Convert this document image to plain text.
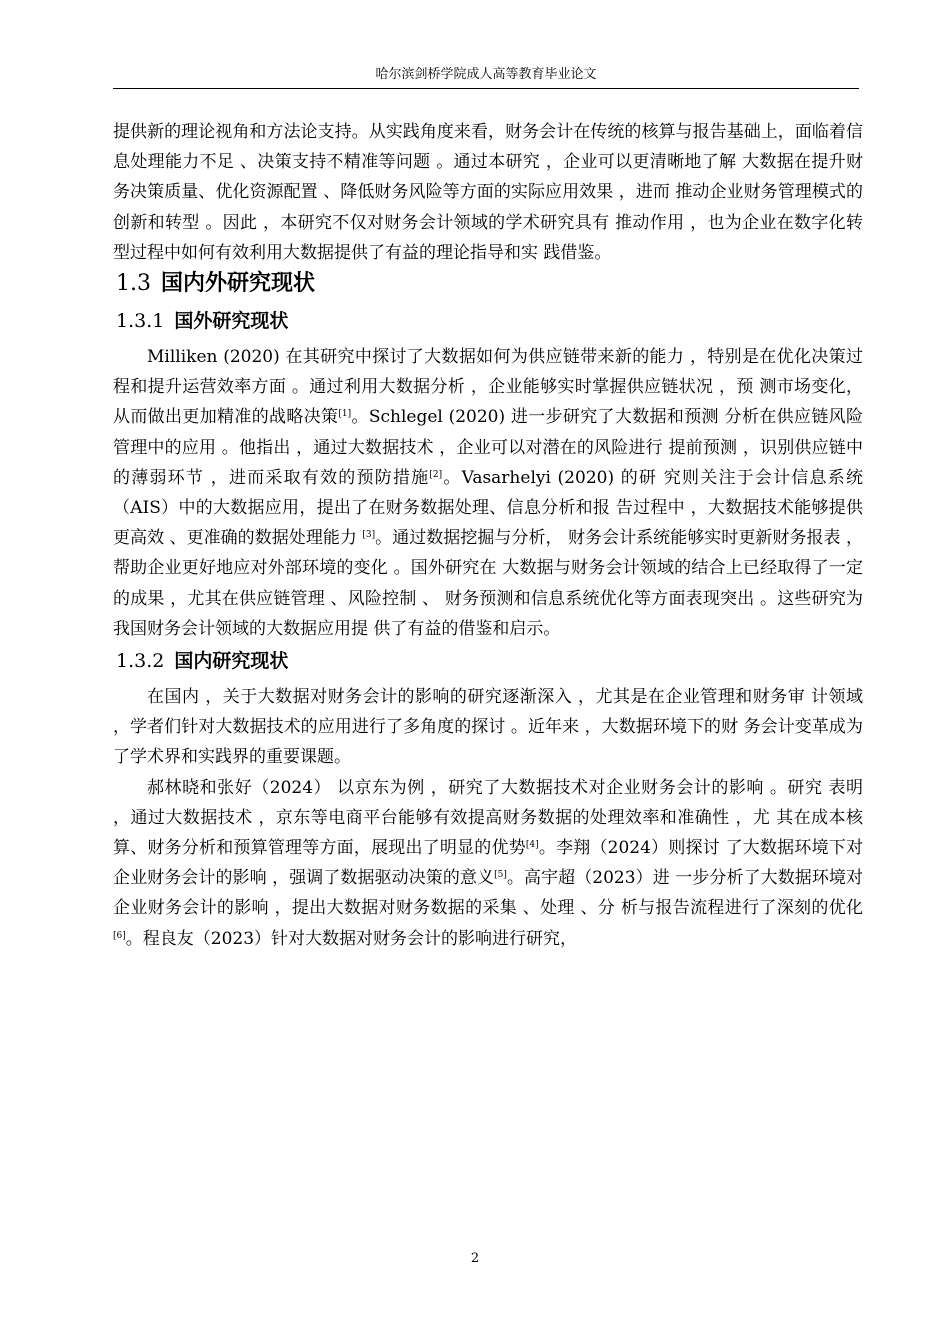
哈尔滨剑桥学院成人高等教育毕业论文

提供新的理论视角和方法论支持。从实践角度来看，财务会计在传统的核算与报告基础上，面临着信息处理能力不足 、决策支持不精准等问题 。通过本研究 ，企业可以更清晰地了解 大数据在提升财务决策质量、优化资源配置 、降低财务风险等方面的实际应用效果 ，进而 推动企业财务管理模式的创新和转型 。因此 ，本研究不仅对财务会计领域的学术研究具有 推动作用 ，也为企业在数字化转型过程中如何有效利用大数据提供了有益的理论指导和实 践借鉴。

1.3 国内外研究现状
1.3.1 国外研究现状

Milliken (2020) 在其研究中探讨了大数据如何为供应链带来新的能力 ，特别是在优化决策过程和提升运营效率方面 。通过利用大数据分析 ，企业能够实时掌握供应链状况 ，预 测市场变化，从而做出更加精准的战略决策[1]。Schlegel (2020) 进一步研究了大数据和预测 分析在供应链风险管理中的应用 。他指出 ，通过大数据技术 ，企业可以对潜在的风险进行 提前预测 ，识别供应链中的薄弱环节 ，进而采取有效的预防措施[2]。Vasarhelyi (2020) 的研 究则关注于会计信息系统（AIS）中的大数据应用，提出了在财务数据处理、信息分析和报 告过程中 ，大数据技术能够提供更高效 、更准确的数据处理能力 [3]。通过数据挖掘与分析， 财务会计系统能够实时更新财务报表 ，帮助企业更好地应对外部环境的变化 。国外研究在 大数据与财务会计领域的结合上已经取得了一定的成果 ，尤其在供应链管理 、风险控制 、 财务预测和信息系统优化等方面表现突出 。这些研究为我国财务会计领域的大数据应用提 供了有益的借鉴和启示。

1.3.2 国内研究现状

在国内 ，关于大数据对财务会计的影响的研究逐渐深入 ，尤其是在企业管理和财务审 计领域 ，学者们针对大数据技术的应用进行了多角度的探讨 。近年来 ，大数据环境下的财 务会计变革成为了学术界和实践界的重要课题。

郝林晓和张好（2024） 以京东为例 ，研究了大数据技术对企业财务会计的影响 。研究 表明 ，通过大数据技术 ，京东等电商平台能够有效提高财务数据的处理效率和准确性 ，尤 其在成本核算、财务分析和预算管理等方面，展现出了明显的优势[4]。李翔（2024）则探讨 了大数据环境下对企业财务会计的影响 ，强调了数据驱动决策的意义[5]。高宇超（2023）进 一步分析了大数据环境对企业财务会计的影响 ，提出大数据对财务数据的采集 、处理 、分 析与报告流程进行了深刻的优化[6]。程良友（2023）针对大数据对财务会计的影响进行研究，

2
